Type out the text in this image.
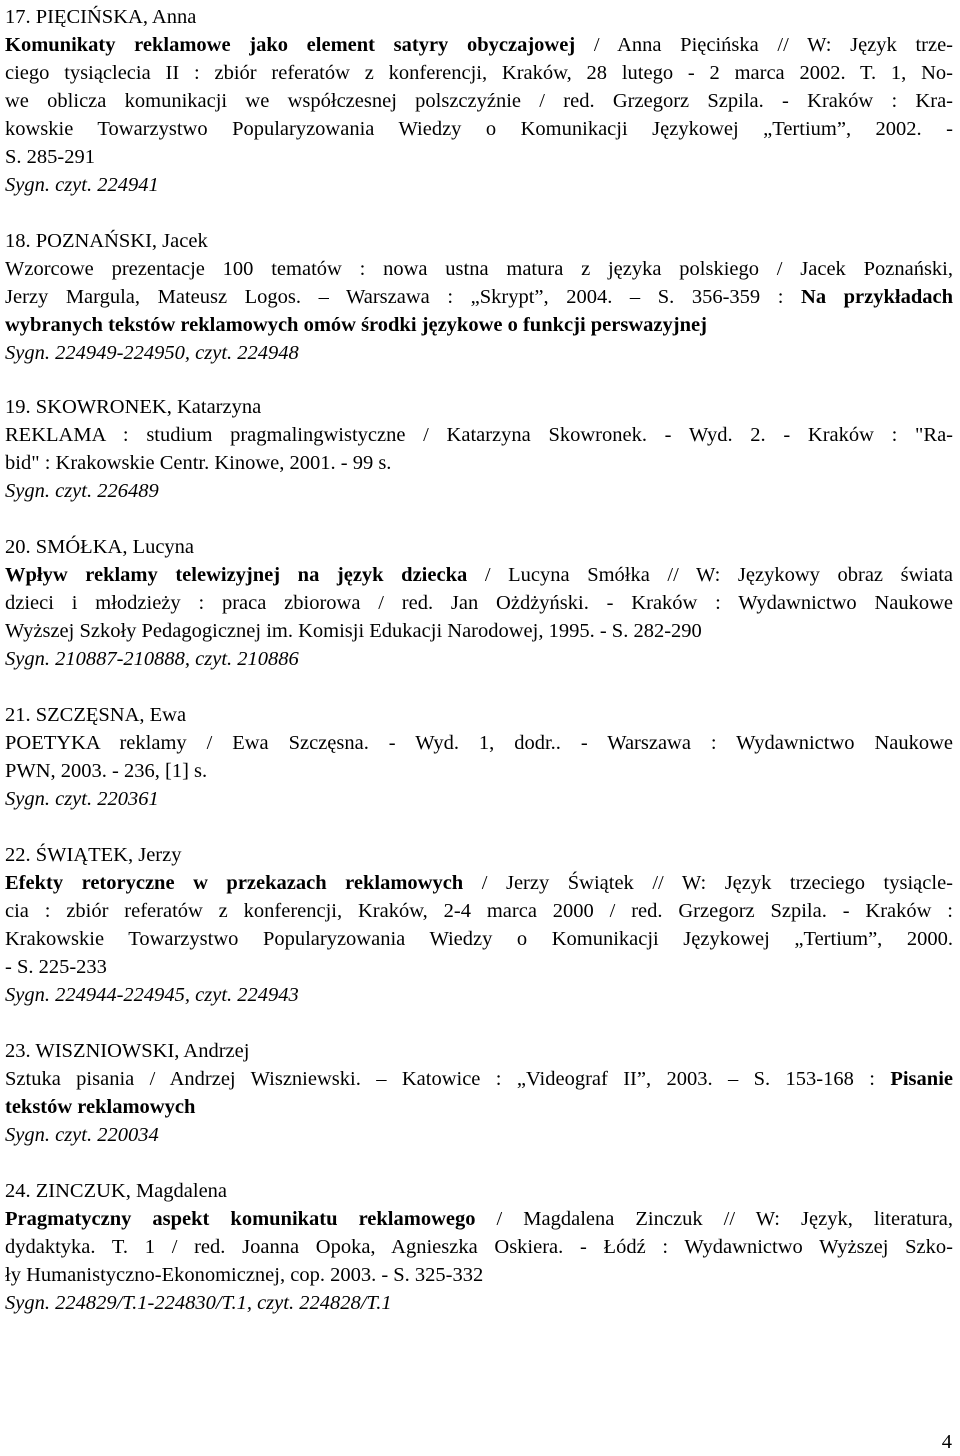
17. PIĘCIŃSKA, Anna
Komunikaty reklamowe jako element satyry obyczajowej / Anna Pięcińska // W: Język trze-
ciego tysiąclecia II : zbiór referatów z konferencji, Kraków, 28 lutego - 2 marca 2002. T. 1, No-
we oblicza komunikacji we współczesnej polszczyźnie / red. Grzegorz Szpila. - Kraków : Kra-
kowskie Towarzystwo Popularyzowania Wiedzy o Komunikacji Językowej „Tertium”, 2002. -
S. 285-291
Sygn. czyt. 224941
18. POZNAŃSKI, Jacek
Wzorcowe prezentacje 100 tematów : nowa ustna matura z języka polskiego / Jacek Poznański,
Jerzy Margula, Mateusz Logos. – Warszawa : „Skrypt”, 2004. – S. 356-359 : Na przykładach
wybranych tekstów reklamowych omów środki językowe o funkcji perswazyjnej
Sygn. 224949-224950, czyt. 224948
19. SKOWRONEK, Katarzyna
REKLAMA : studium pragmalingwistyczne / Katarzyna Skowronek. - Wyd. 2. - Kraków : "Ra-
bid" : Krakowskie Centr. Kinowe, 2001. - 99 s.
Sygn. czyt. 226489
20. SMÓŁKA, Lucyna
Wpływ reklamy telewizyjnej na język dziecka / Lucyna Smółka // W: Językowy obraz świata
dzieci i młodzieży : praca zbiorowa / red. Jan Ożdżyński. - Kraków : Wydawnictwo Naukowe
Wyższej Szkoły Pedagogicznej im. Komisji Edukacji Narodowej, 1995. - S. 282-290
Sygn. 210887-210888, czyt. 210886
21. SZCZĘSNA, Ewa
POETYKA reklamy / Ewa Szczęsna. - Wyd. 1, dodr.. - Warszawa : Wydawnictwo Naukowe
PWN, 2003. - 236, [1] s.
Sygn. czyt. 220361
22. ŚWIĄTEK, Jerzy
Efekty retoryczne w przekazach reklamowych / Jerzy Świątek // W: Język trzeciego tysiącle-
cia : zbiór referatów z konferencji, Kraków, 2-4 marca 2000 / red. Grzegorz Szpila. - Kraków :
Krakowskie Towarzystwo Popularyzowania Wiedzy o Komunikacji Językowej „Tertium”, 2000.
- S. 225-233
Sygn. 224944-224945, czyt. 224943
23. WISZNIOWSKI, Andrzej
Sztuka pisania / Andrzej Wiszniewski. – Katowice : „Videograf II”, 2003. – S. 153-168 : Pisanie
tekstów reklamowych
Sygn. czyt. 220034
24. ZINCZUK, Magdalena
Pragmatyczny aspekt komunikatu reklamowego / Magdalena Zinczuk // W: Język, literatura,
dydaktyka. T. 1 / red. Joanna Opoka, Agnieszka Oskiera. - Łódź : Wydawnictwo Wyższej Szko-
ły Humanistyczno-Ekonomicznej, cop. 2003. - S. 325-332
Sygn. 224829/T.1-224830/T.1, czyt. 224828/T.1
4
